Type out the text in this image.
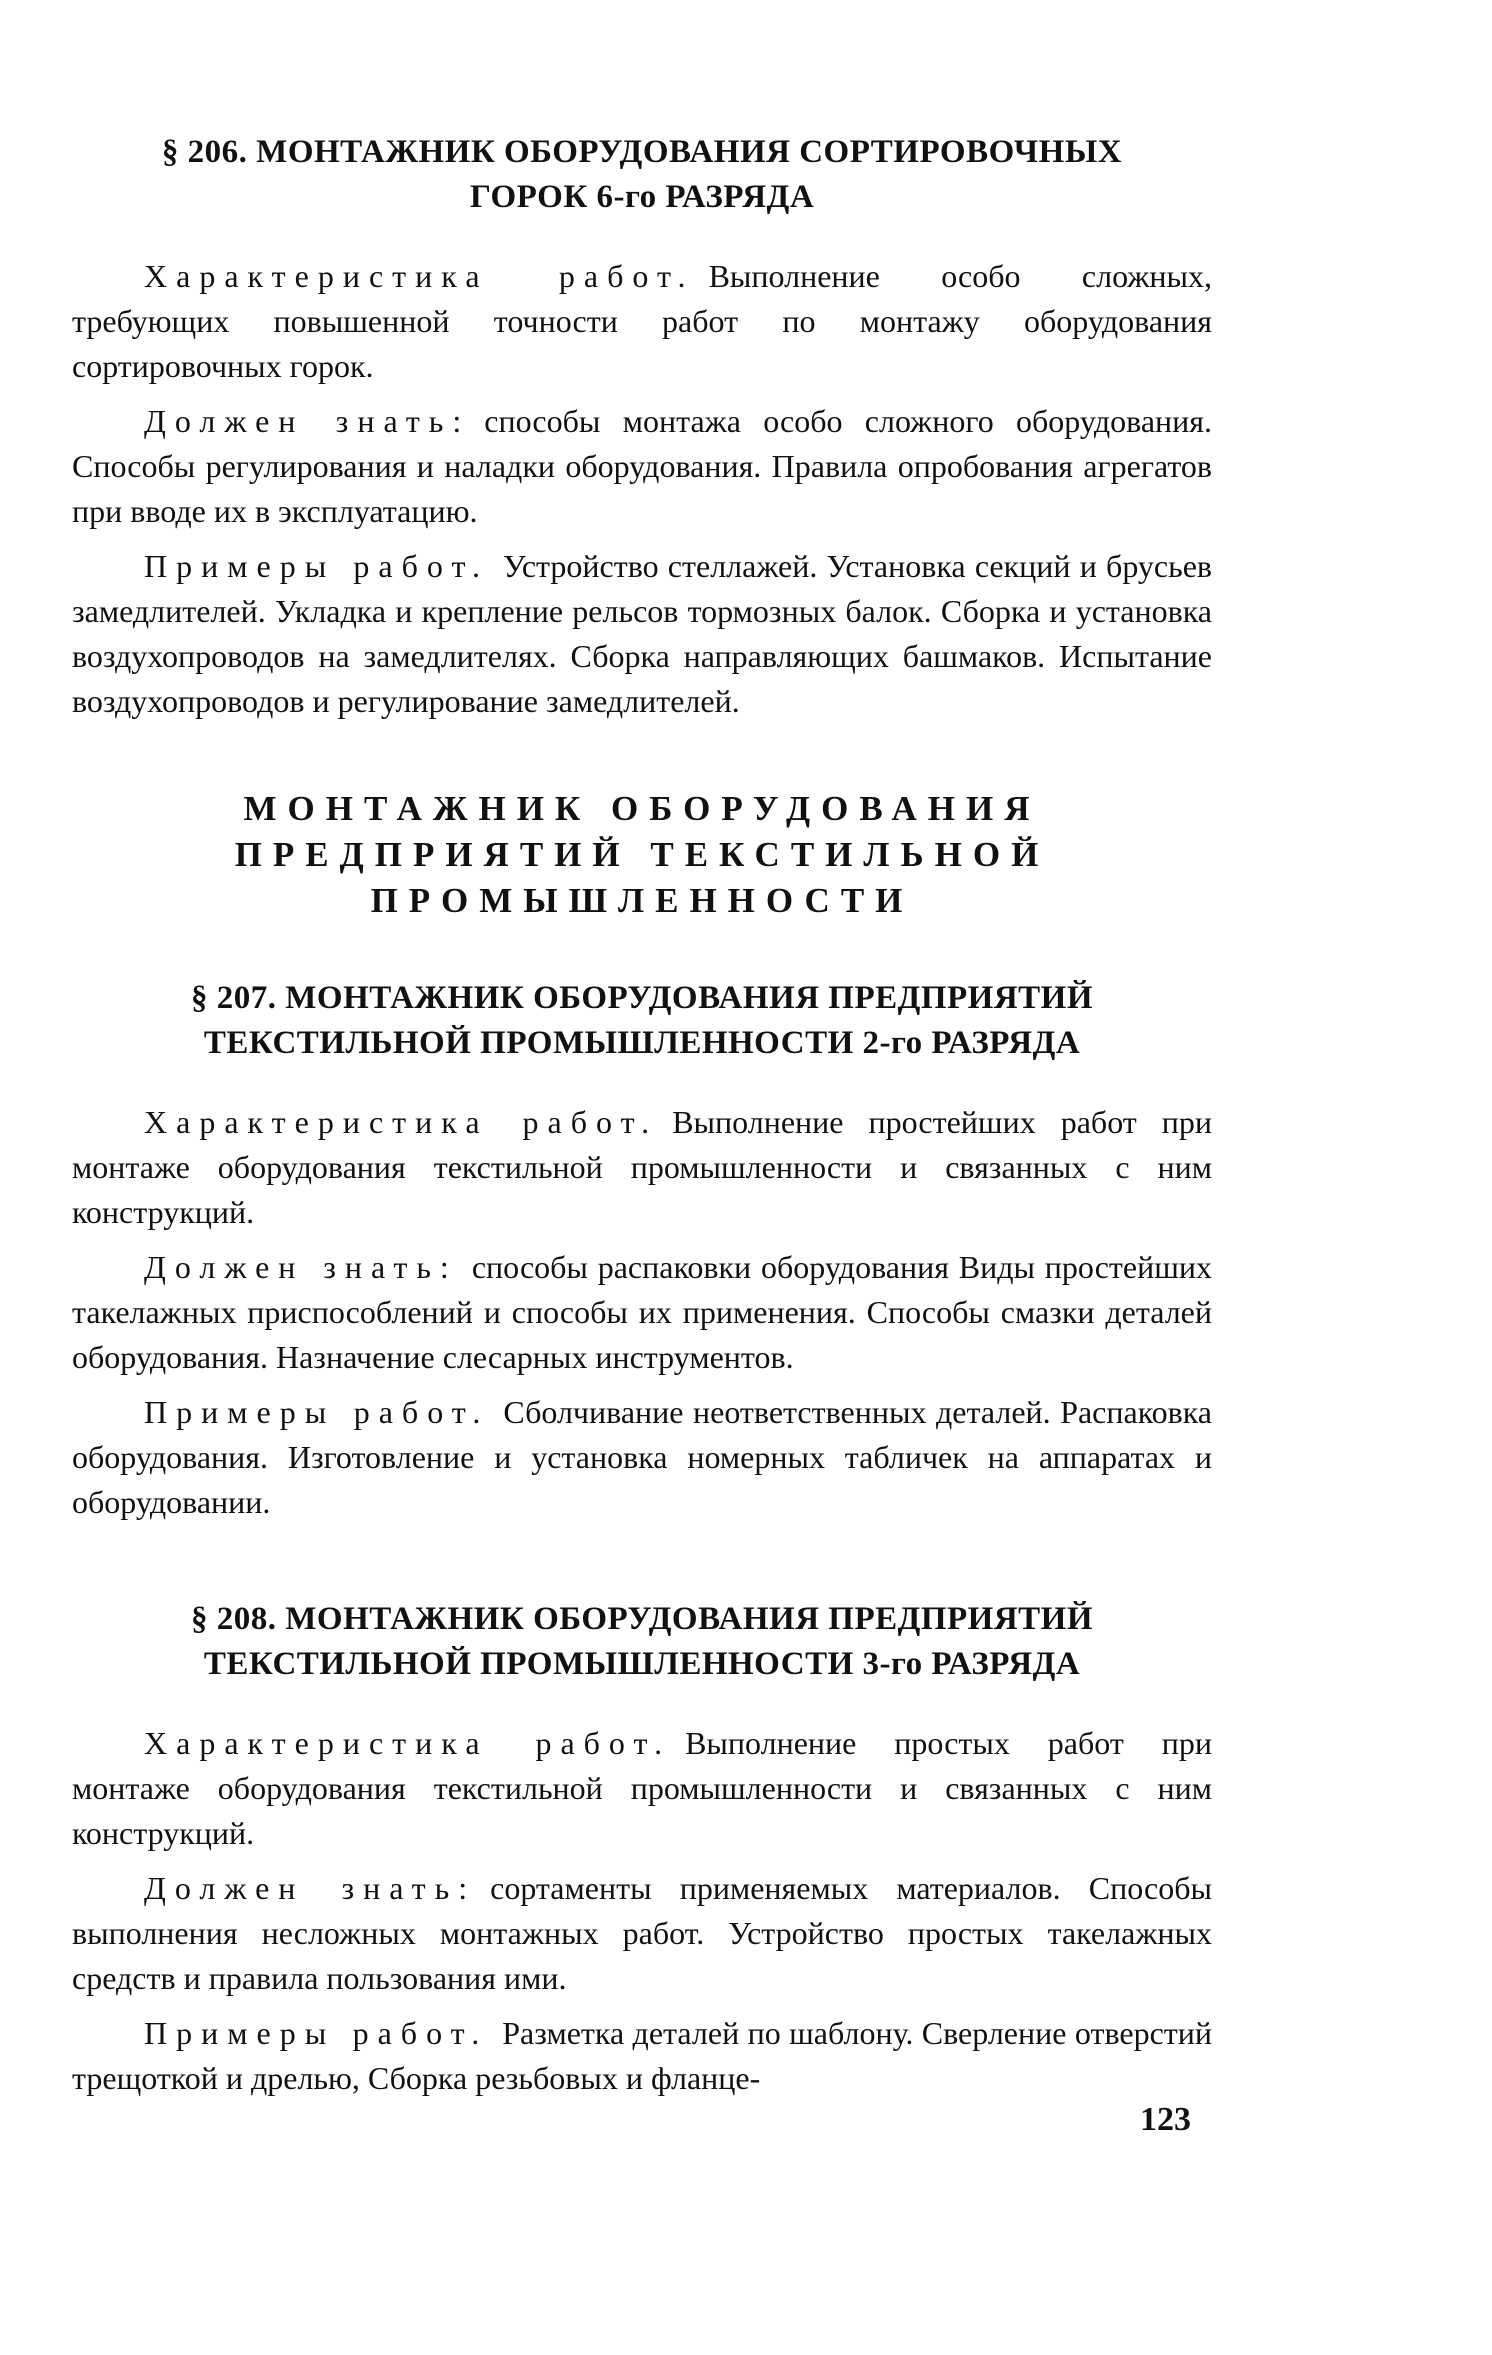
§ 206. МОНТАЖНИК ОБОРУДОВАНИЯ СОРТИРОВОЧНЫХ

ГОРОК 6-го РАЗРЯДА

Характеристика работ. Выполнение особо сложных, требующих повышенной точности работ по монтажу оборудования сортировочных горок.

Должен знать: способы монтажа особо сложного оборудования. Способы регулирования и наладки оборудования. Правила опробования агрегатов при вводе их в эксплуатацию.

Примеры работ. Устройство стеллажей. Установка секций и брусьев замедлителей. Укладка и крепление рельсов тормозных балок. Сборка и установка воздухопроводов на замедлителях. Сборка направляющих башмаков. Испытание воздухопроводов и регулирование замедлителей.

МОНТАЖНИК ОБОРУДОВАНИЯ

ПРЕДПРИЯТИЙ ТЕКСТИЛЬНОЙ

ПРОМЫШЛЕННОСТИ

§ 207. МОНТАЖНИК ОБОРУДОВАНИЯ ПРЕДПРИЯТИЙ

ТЕКСТИЛЬНОЙ ПРОМЫШЛЕННОСТИ 2-го РАЗРЯДА

Характеристика работ. Выполнение простейших работ при монтаже оборудования текстильной промышленности и связанных с ним конструкций.

Должен знать: способы распаковки оборудования Виды простейших такелажных приспособлений и способы их применения. Способы смазки деталей оборудования. Назначение слесарных инструментов.

Примеры работ. Сболчивание неответственных деталей. Распаковка оборудования. Изготовление и установка номерных табличек на аппаратах и оборудовании.

§ 208. МОНТАЖНИК ОБОРУДОВАНИЯ ПРЕДПРИЯТИЙ

ТЕКСТИЛЬНОЙ ПРОМЫШЛЕННОСТИ 3-го РАЗРЯДА

Характеристика работ. Выполнение простых работ при монтаже оборудования текстильной промышленности и связанных с ним конструкций.

Должен знать: сортаменты применяемых материалов. Способы выполнения несложных монтажных работ. Устройство простых такелажных средств и правила пользования ими.

Примеры работ. Разметка деталей по шаблону. Сверление отверстий трещоткой и дрелью, Сборка резьбовых и фланце-

123
